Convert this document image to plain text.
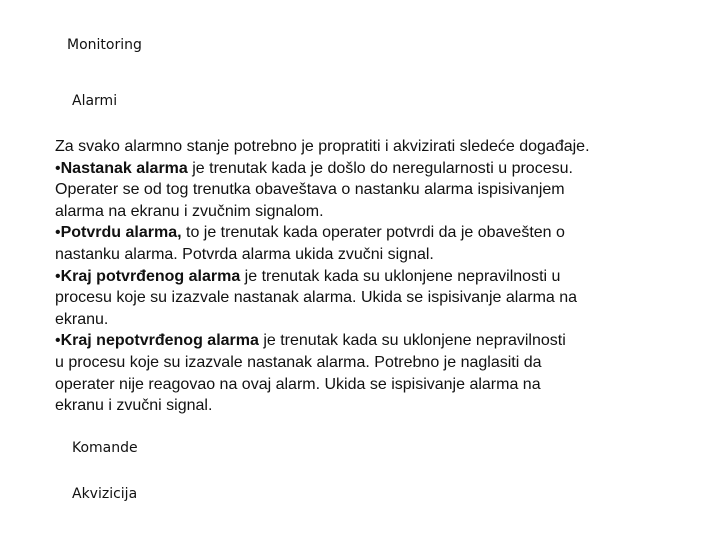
Monitoring
Alarmi
Za svako alarmno stanje potrebno je propratiti i akvizirati sledeće događaje.
•Nastanak alarma je trenutak kada je došlo do neregularnosti u procesu.
Operater se od tog trenutka obaveštava o nastanku alarma ispisivanjem
alarma na ekranu i zvučnim signalom.
•Potvrdu alarma, to je trenutak kada operater potvrdi da je obavešten o
nastanku alarma. Potvrda alarma ukida zvučni signal.
•Kraj potvrđenog alarma je trenutak kada su uklonjene nepravilnosti u
procesu koje su izazvale nastanak alarma. Ukida se ispisivanje alarma na
ekranu.
•Kraj nepotvrđenog alarma je trenutak kada su uklonjene nepravilnosti
u procesu koje su izazvale nastanak alarma. Potrebno je naglasiti da
operater nije reagovao na ovaj alarm. Ukida se ispisivanje alarma na
ekranu i zvučni signal.
Komande
Akvizicija
